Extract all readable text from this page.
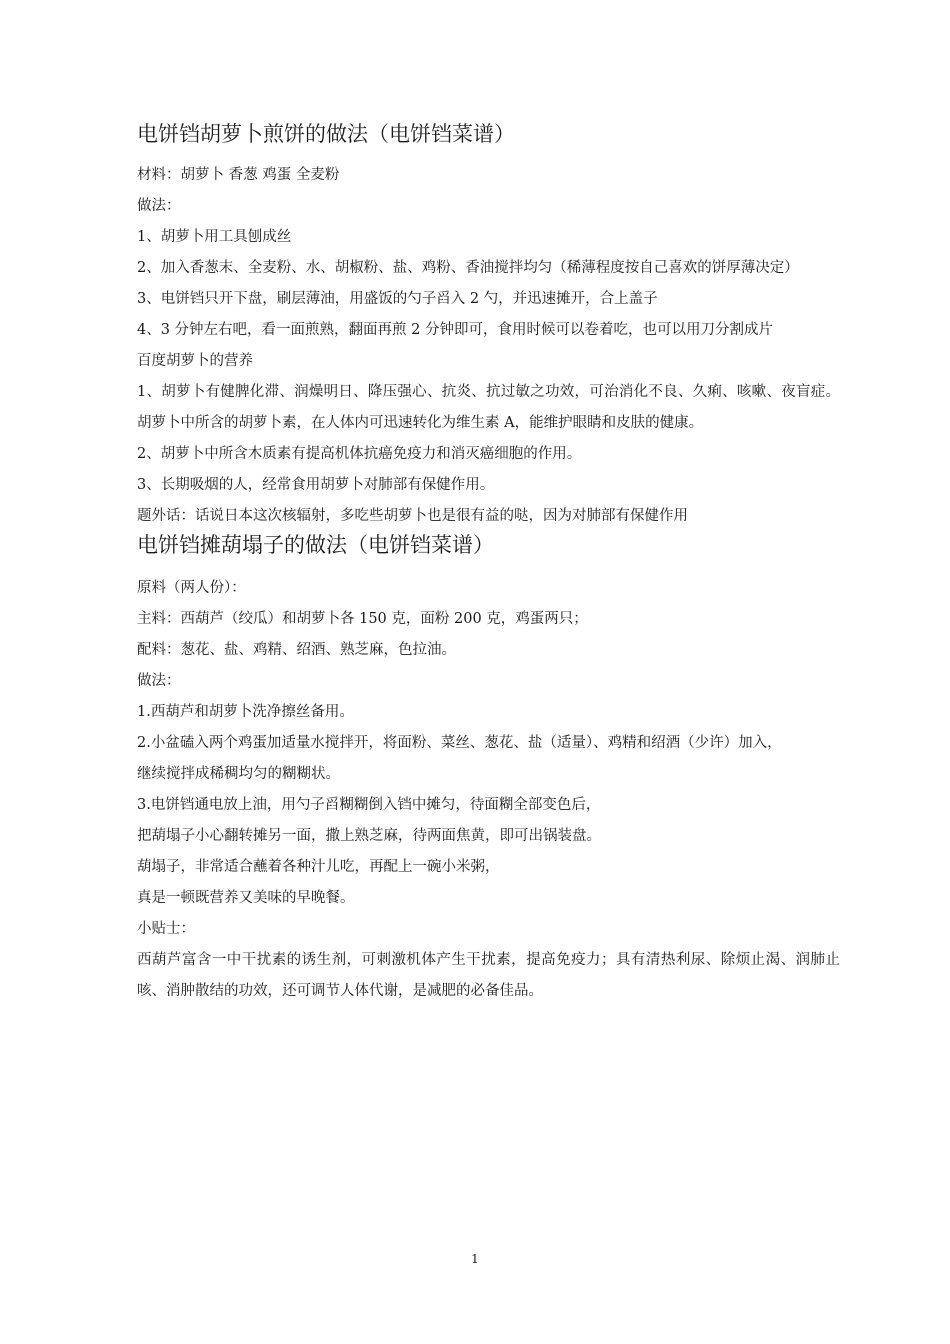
电饼铛胡萝卜煎饼的做法（电饼铛菜谱）

材料：胡萝卜 香葱 鸡蛋 全麦粉

做法：

1、胡萝卜用工具刨成丝

2、加入香葱末、全麦粉、水、胡椒粉、盐、鸡粉、香油搅拌均匀（稀薄程度按自己喜欢的饼厚薄决定）

3、电饼铛只开下盘，刷层薄油，用盛饭的勺子舀入 2 勺，并迅速摊开，合上盖子

4、3 分钟左右吧，看一面煎熟，翻面再煎 2 分钟即可，食用时候可以卷着吃，也可以用刀分割成片

百度胡萝卜的营养

1、胡萝卜有健脾化滞、润燥明日、降压强心、抗炎、抗过敏之功效，可治消化不良、久痢、咳嗽、夜盲症。胡萝卜中所含的胡萝卜素，在人体内可迅速转化为维生素 A，能维护眼睛和皮肤的健康。

2、胡萝卜中所含木质素有提高机体抗癌免疫力和消灭癌细胞的作用。

3、长期吸烟的人，经常食用胡萝卜对肺部有保健作用。

题外话：话说日本这次核辐射，多吃些胡萝卜也是很有益的哒，因为对肺部有保健作用

电饼铛摊葫塌子的做法（电饼铛菜谱）

原料（两人份）：

主料：西葫芦（绞瓜）和胡萝卜各 150 克，面粉 200 克，鸡蛋两只；

配料：葱花、盐、鸡精、绍酒、熟芝麻，色拉油。

做法：

1.西葫芦和胡萝卜洗净擦丝备用。

2.小盆磕入两个鸡蛋加适量水搅拌开，将面粉、菜丝、葱花、盐（适量）、鸡精和绍酒（少许）加入，

继续搅拌成稀稠均匀的糊糊状。

3.电饼铛通电放上油，用勺子舀糊糊倒入铛中摊匀，待面糊全部变色后，

把葫塌子小心翻转摊另一面，撒上熟芝麻，待两面焦黄，即可出锅装盘。

葫塌子，非常适合蘸着各种汁儿吃，再配上一碗小米粥，

真是一顿既营养又美味的早晚餐。

小贴士：

西葫芦富含一中干扰素的诱生剂，可刺激机体产生干扰素，提高免疫力；具有清热利尿、除烦止渴、润肺止咳、消肿散结的功效，还可调节人体代谢，是减肥的必备佳品。

1
